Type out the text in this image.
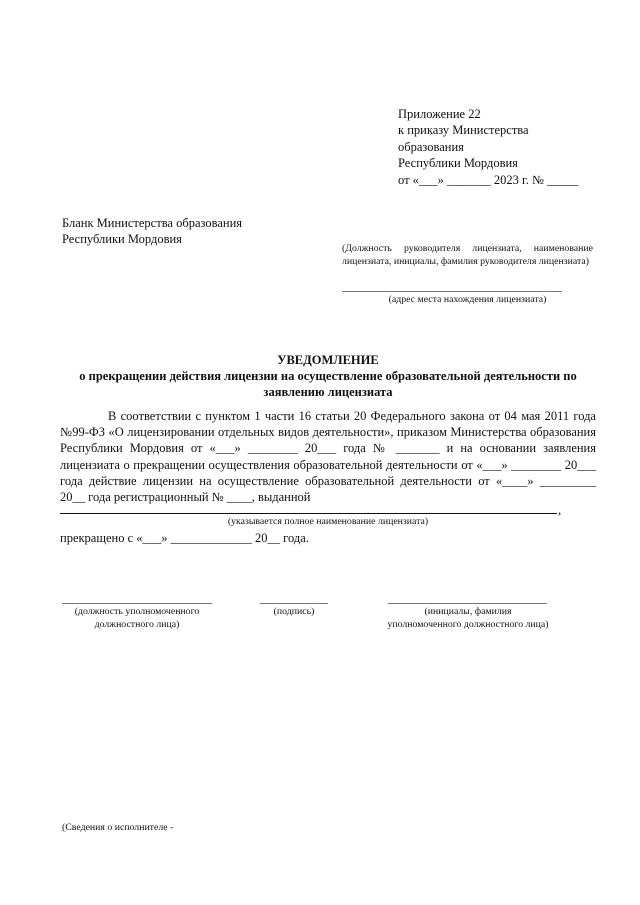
Приложение 22
к приказу Министерства
образования
Республики Мордовия
от «___» _______ 2023 г. № _____
Бланк Министерства образования
Республики Мордовия
(Должность руководителя лицензиата, наименование лицензиата, инициалы, фамилия руководителя лицензиата)
(адрес места нахождения лицензиата)
УВЕДОМЛЕНИЕ
о прекращении действия лицензии на осуществление образовательной деятельности по заявлению лицензиата
В соответствии с пунктом 1 части 16 статьи 20 Федерального закона от 04 мая 2011 года №99-ФЗ «О лицензировании отдельных видов деятельности», приказом Министерства образования Республики Мордовия от «___» ________ 20___ года № _______ и на основании заявления лицензиата о прекращении осуществления образовательной деятельности от «___» ________ 20___ года действие лицензии на осуществление образовательной деятельности от «____» _________ 20__ года регистрационный № ____, выданной
,
(указывается полное наименование лицензиата)
прекращено с «___» _____________ 20__ года.
(должность уполномоченного
должностного лица)
(подпись)	(инициалы, фамилия
уполномоченного должностного лица)
(Сведения о исполнителе -
